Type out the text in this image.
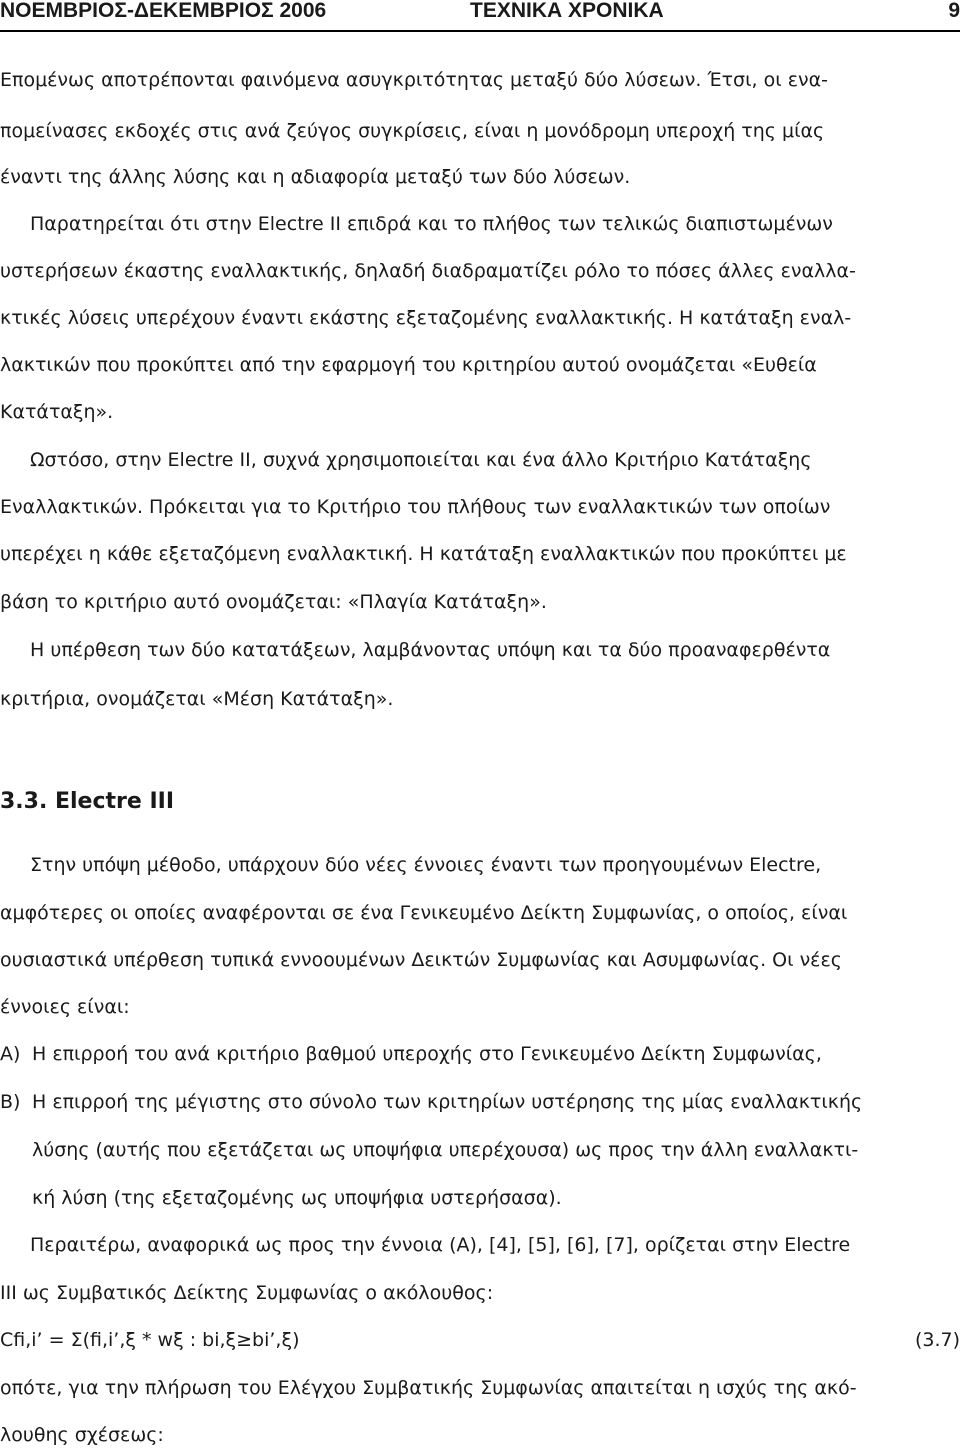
ΝΟΕΜΒΡΙΟΣ-ΔΕΚΕΜΒΡΙΟΣ 2006	ΤΕΧΝΙΚΑ ΧΡΟΝΙΚΑ	9
Επομένως αποτρέπονται φαινόμενα ασυγκριτότητας μεταξύ δύο λύσεων. Έτσι, οι ενα-
πομείνασες εκδοχές στις ανά ζεύγος συγκρίσεις, είναι η μονόδρομη υπεροχή της μίας
έναντι της άλλης λύσης και η αδιαφορία μεταξύ των δύο λύσεων.
Παρατηρείται ότι στην Electre II επιδρά και το πλήθος των τελικώς διαπιστωμένων
υστερήσεων έκαστης εναλλακτικής, δηλαδή διαδραματίζει ρόλο το πόσες άλλες εναλλα-
κτικές λύσεις υπερέχουν έναντι εκάστης εξεταζομένης εναλλακτικής. Η κατάταξη εναλ-
λακτικών που προκύπτει από την εφαρμογή του κριτηρίου αυτού ονομάζεται «Ευθεία
Κατάταξη».
Ωστόσο, στην Electre II, συχνά χρησιμοποιείται και ένα άλλο Κριτήριο Κατάταξης
Εναλλακτικών. Πρόκειται για το Κριτήριο του πλήθους των εναλλακτικών των οποίων
υπερέχει η κάθε εξεταζόμενη εναλλακτική. Η κατάταξη εναλλακτικών που προκύπτει με
βάση το κριτήριο αυτό ονομάζεται: «Πλαγία Κατάταξη».
Η υπέρθεση των δύο κατατάξεων, λαμβάνοντας υπόψη και τα δύο προαναφερθέντα
κριτήρια, ονομάζεται «Μέση Κατάταξη».
3.3. Electre III
Στην υπόψη μέθοδο, υπάρχουν δύο νέες έννοιες έναντι των προηγουμένων Electre,
αμφότερες οι οποίες αναφέρονται σε ένα Γενικευμένο Δείκτη Συμφωνίας, ο οποίος, είναι
ουσιαστικά υπέρθεση τυπικά εννοουμένων Δεικτών Συμφωνίας και Ασυμφωνίας. Οι νέες
έννοιες είναι:
Α) Η επιρροή του ανά κριτήριο βαθμού υπεροχής στο Γενικευμένο Δείκτη Συμφωνίας,
Β) Η επιρροή της μέγιστης στο σύνολο των κριτηρίων υστέρησης της μίας εναλλακτικής
λύσης (αυτής που εξετάζεται ως υποψήφια υπερέχουσα) ως προς την άλλη εναλλακτι-
κή λύση (της εξεταζομένης ως υποψήφια υστερήσασα).
Περαιτέρω, αναφορικά ως προς την έννοια (Α), [4], [5], [6], [7], ορίζεται στην Electre
III ως Συμβατικός Δείκτης Συμφωνίας ο ακόλουθος:
Cfi,i’ = Σ(fi,i’,ξ * wξ : bi,ξ≥bi’,ξ)	(3.7)
οπότε, για την πλήρωση του Ελέγχου Συμβατικής Συμφωνίας απαιτείται η ισχύς της ακό-
λουθης σχέσεως:
